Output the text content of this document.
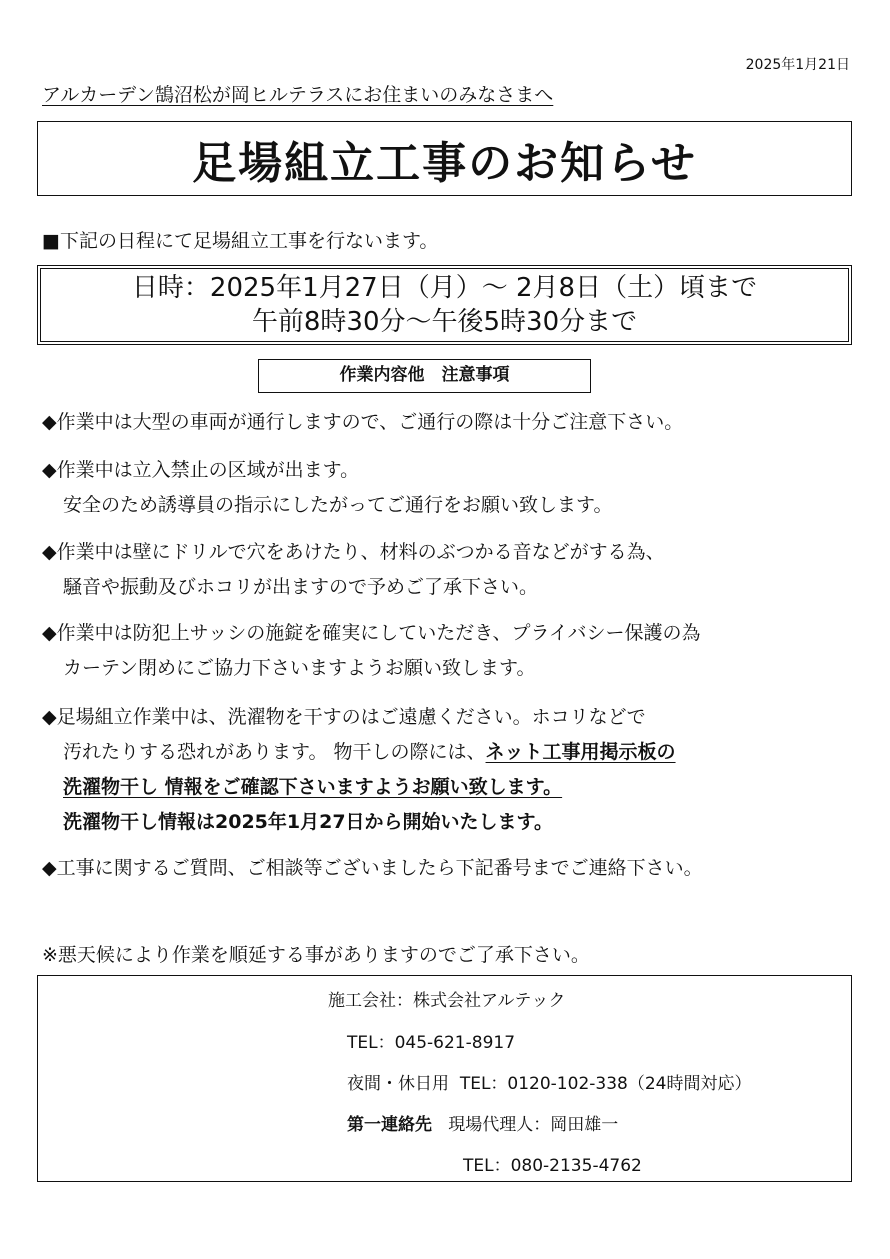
2025年1月21日
アルカーデン鵠沼松が岡ヒルテラスにお住まいのみなさまへ
足場組立工事のお知らせ
■下記の日程にて足場組立工事を行ないます。
日時：2025年1月27日（月）～ 2月8日（土）頃まで
午前8時30分～午後5時30分まで
作業内容他　注意事項
◆作業中は大型の車両が通行しますので、ご通行の際は十分ご注意下さい。
◆作業中は立入禁止の区域が出ます。
安全のため誘導員の指示にしたがってご通行をお願い致します。
◆作業中は壁にドリルで穴をあけたり、材料のぶつかる音などがする為、
騒音や振動及びホコリが出ますので予めご了承下さい。
◆作業中は防犯上サッシの施錠を確実にしていただき、プライバシー保護の為
カーテン閉めにご協力下さいますようお願い致します。
◆足場組立作業中は、洗濯物を干すのはご遠慮ください。ホコリなどで
汚れたりする恐れがあります。 物干しの際には、ネット工事用掲示板の
洗濯物干し 情報をご確認下さいますようお願い致します。
洗濯物干し情報は2025年1月27日から開始いたします。
◆工事に関するご質問、ご相談等ございましたら下記番号までご連絡下さい。
※悪天候により作業を順延する事がありますのでご了承下さい。
施工会社：株式会社アルテック
TEL：045-621-8917
夜間・休日用 TEL：0120-102-338（24時間対応）
第一連絡先 現場代理人：岡田雄一
TEL：080-2135-4762
